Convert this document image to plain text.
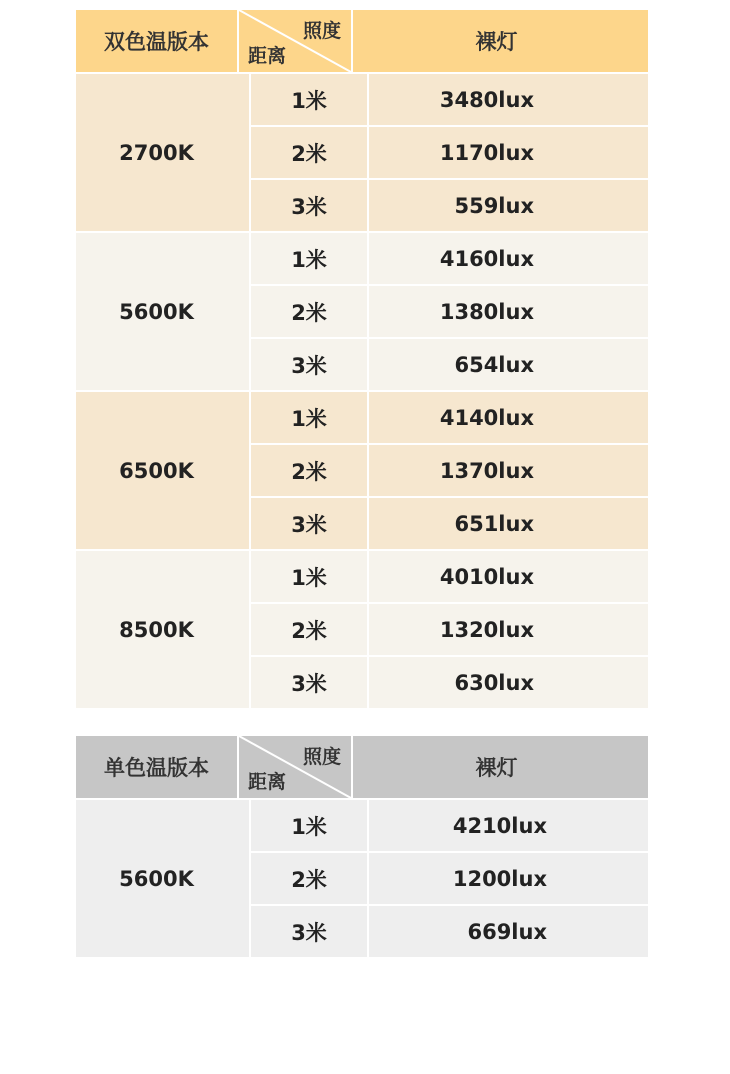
双色温版本	照度
距离
裸灯
2700K
1米
2米
3米
3480lux
1170lux
559lux
5600K
1米
2米
3米
4160lux
1380lux
654lux
6500K
1米
2米
3米
4140lux
1370lux
651lux
8500K
1米
2米
3米
4010lux
1320lux
630lux
单色温版本	照度
距离
裸灯
5600K
1米
2米
3米
4210lux
1200lux
669lux
